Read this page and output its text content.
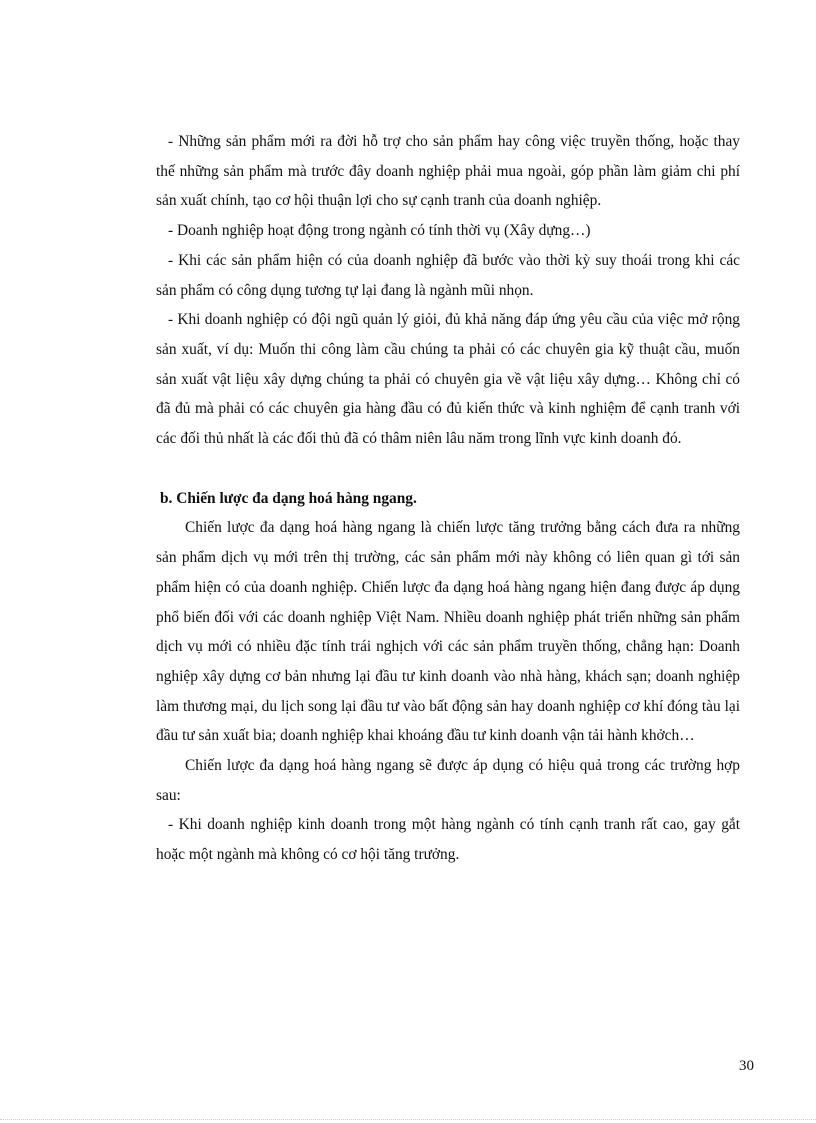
- Những sản phẩm mới ra đời hỗ trợ cho sản phẩm hay công việc truyền thống, hoặc thay thế những sản phẩm mà trước đây doanh nghiệp phải mua ngoài, góp phần làm giảm chi phí sản xuất chính, tạo cơ hội thuận lợi cho sự cạnh tranh của doanh nghiệp.

- Doanh nghiệp hoạt động trong ngành có tính thời vụ (Xây dựng…)

- Khi các sản phẩm hiện có của doanh nghiệp đã bước vào thời kỳ suy thoái trong khi các sản phẩm có công dụng tương tự lại đang là ngành mũi nhọn.

- Khi doanh nghiệp có đội ngũ quản lý giỏi, đủ khả năng đáp ứng yêu cầu của việc mở rộng sản xuất, ví dụ: Muốn thi công làm cầu chúng ta phải có các chuyên gia kỹ thuật cầu, muốn sản xuất vật liệu xây dựng chúng ta phải có chuyên gia về vật liệu xây dựng… Không chỉ có đã đủ mà phải có các chuyên gia hàng đầu có đủ kiến thức và kinh nghiệm để cạnh tranh với các đối thủ nhất là các đối thủ đã có thâm niên lâu năm trong lĩnh vực kinh doanh đó.

b. Chiến lược đa dạng hoá hàng ngang.

Chiến lược đa dạng hoá hàng ngang là chiến lược tăng trưởng bằng cách đưa ra những sản phẩm dịch vụ mới trên thị trường, các sản phẩm mới này không có liên quan gì tới sản phẩm hiện có của doanh nghiệp. Chiến lược đa dạng hoá hàng ngang hiện đang được áp dụng phổ biến đối với các doanh nghiệp Việt Nam. Nhiều doanh nghiệp phát triển những sản phẩm dịch vụ mới có nhiều đặc tính trái nghịch với các sản phẩm truyền thống, chẳng hạn: Doanh nghiệp xây dựng cơ bản nhưng lại đầu tư kinh doanh vào nhà hàng, khách sạn; doanh nghiệp làm thương mại, du lịch song lại đầu tư vào bất động sản hay doanh nghiệp cơ khí đóng tàu lại đầu tư sản xuất bia; doanh nghiệp khai khoáng đầu tư kinh doanh vận tải hành khởch…

Chiến lược đa dạng hoá hàng ngang sẽ được áp dụng có hiệu quả trong các trường hợp sau:

- Khi doanh nghiệp kinh doanh trong một hàng ngành có tính cạnh tranh rất cao, gay gắt hoặc một ngành mà không có cơ hội tăng trưởng.

30
